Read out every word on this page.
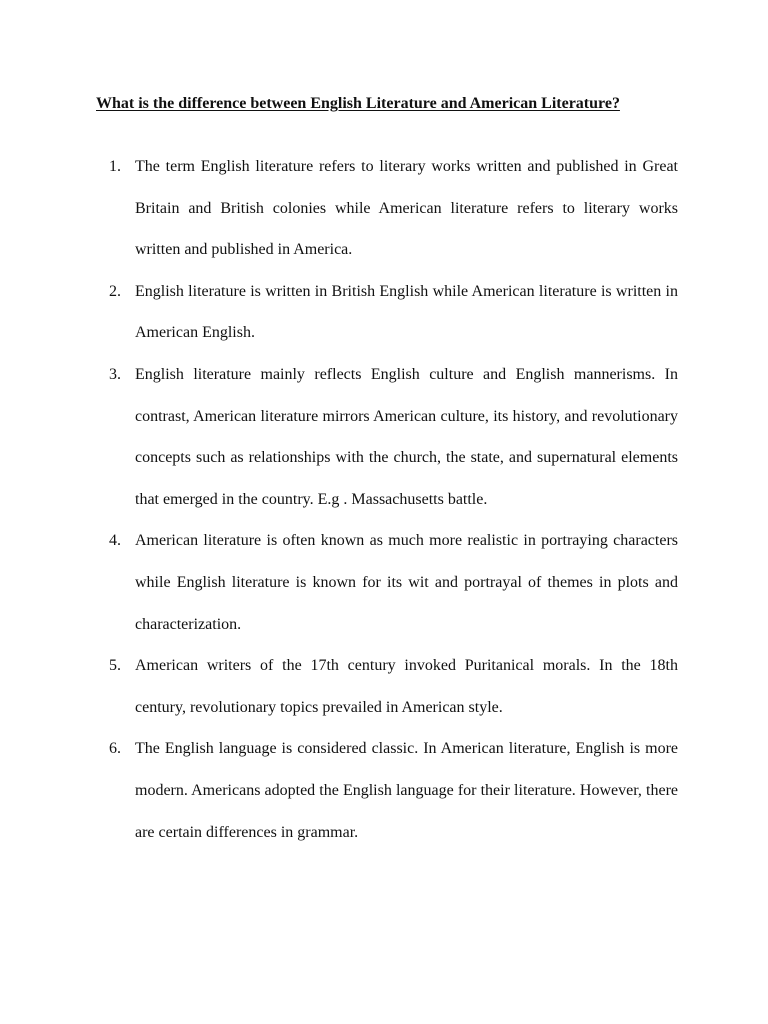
What is the difference between English Literature and American Literature?
1. The term English literature refers to literary works written and published in Great Britain and British colonies while American literature refers to literary works written and published in America.
2. English literature is written in British English while American literature is written in American English.
3. English literature mainly reflects English culture and English mannerisms. In contrast, American literature mirrors American culture, its history, and revolutionary concepts such as relationships with the church, the state, and supernatural elements that emerged in the country. E.g . Massachusetts battle.
4. American literature is often known as much more realistic in portraying characters while English literature is known for its wit and portrayal of themes in plots and characterization.
5. American writers of the 17th century invoked Puritanical morals. In the 18th century, revolutionary topics prevailed in American style.
6. The English language is considered classic. In American literature, English is more modern. Americans adopted the English language for their literature. However, there are certain differences in grammar.
